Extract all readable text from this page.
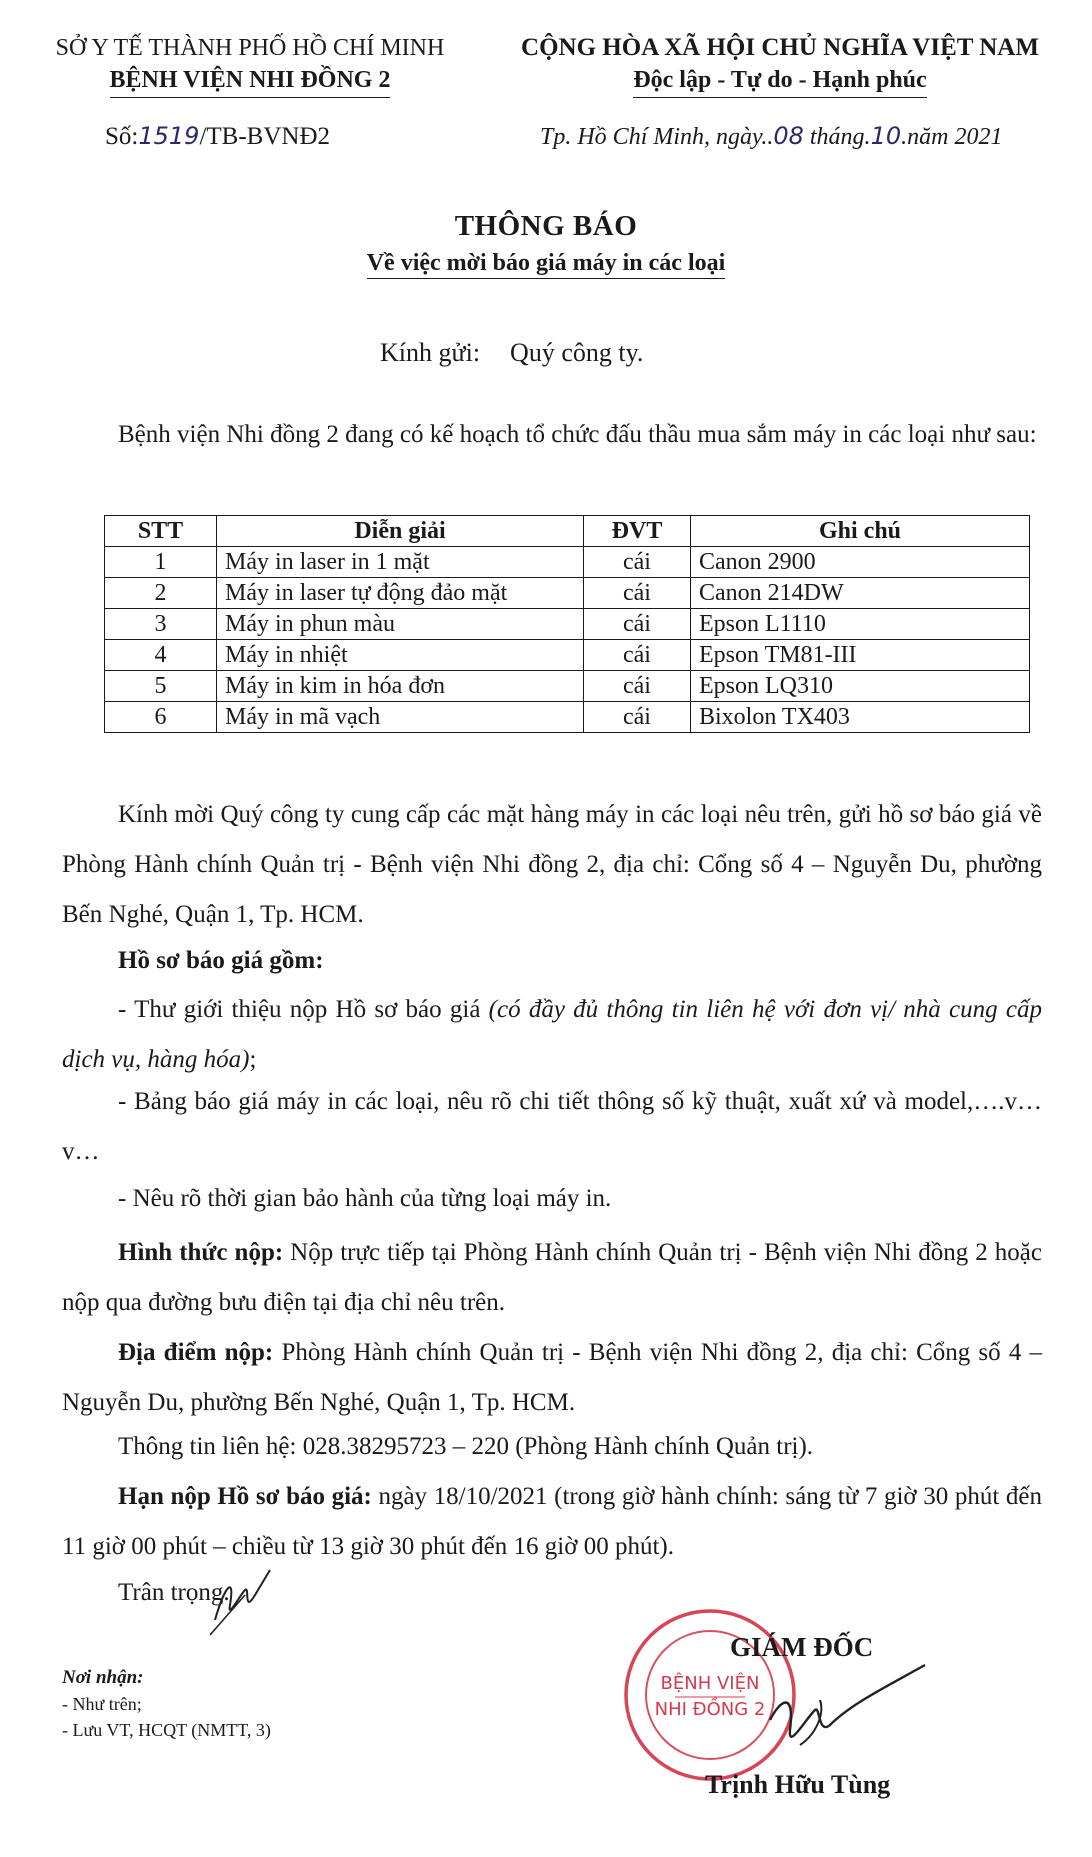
SỞ Y TẾ THÀNH PHỐ HỒ CHÍ MINH
BỆNH VIỆN NHI ĐỒNG 2
CỘNG HÒA XÃ HỘI CHỦ NGHĨA VIỆT NAM
Độc lập - Tự do - Hạnh phúc
Số:1519/TB-BVNĐ2	Tp. Hồ Chí Minh, ngày..08 tháng.10.năm 2021
THÔNG BÁO
Về việc mời báo giá máy in các loại
Kính gửi: Quý công ty.
Bệnh viện Nhi đồng 2 đang có kế hoạch tổ chức đấu thầu mua sắm máy in các loại như sau:
STT	Diễn giải	ĐVT	Ghi chú
1	Máy in laser in 1 mặt	cái	Canon 2900
2	Máy in laser tự động đảo mặt	cái	Canon 214DW
3	Máy in phun màu	cái	Epson L1110
4	Máy in nhiệt	cái	Epson TM81-III
5	Máy in kim in hóa đơn	cái	Epson LQ310
6	Máy in mã vạch	cái	Bixolon TX403
Kính mời Quý công ty cung cấp các mặt hàng máy in các loại nêu trên, gửi hồ sơ báo giá về Phòng Hành chính Quản trị - Bệnh viện Nhi đồng 2, địa chỉ: Cổng số 4 – Nguyễn Du, phường Bến Nghé, Quận 1, Tp. HCM.
Hồ sơ báo giá gồm:
- Thư giới thiệu nộp Hồ sơ báo giá (có đầy đủ thông tin liên hệ với đơn vị/ nhà cung cấp dịch vụ, hàng hóa);
- Bảng báo giá máy in các loại, nêu rõ chi tiết thông số kỹ thuật, xuất xứ và model,….v…v…
- Nêu rõ thời gian bảo hành của từng loại máy in.
Hình thức nộp: Nộp trực tiếp tại Phòng Hành chính Quản trị - Bệnh viện Nhi đồng 2 hoặc nộp qua đường bưu điện tại địa chỉ nêu trên.
Địa điểm nộp: Phòng Hành chính Quản trị - Bệnh viện Nhi đồng 2, địa chỉ: Cổng số 4 – Nguyễn Du, phường Bến Nghé, Quận 1, Tp. HCM.
Thông tin liên hệ: 028.38295723 – 220 (Phòng Hành chính Quản trị).
Hạn nộp Hồ sơ báo giá: ngày 18/10/2021 (trong giờ hành chính: sáng từ 7 giờ 30 phút đến 11 giờ 00 phút – chiều từ 13 giờ 30 phút đến 16 giờ 00 phút).
Trân trọng.
Nơi nhận:
- Như trên;
- Lưu VT, HCQT (NMTT, 3)
BỆNH VIỆN
NHI ĐỒNG 2
GIÁM ĐỐC
Trịnh Hữu Tùng
